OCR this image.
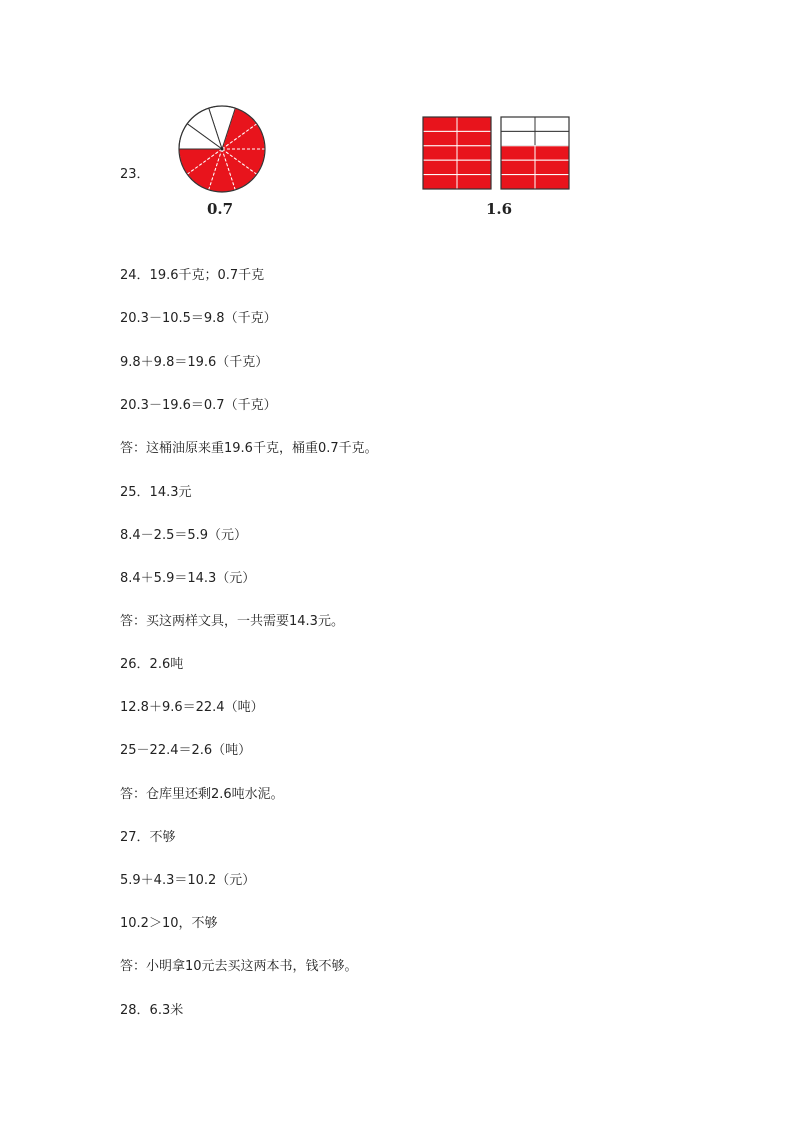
23．
0.7	1.6
24．19.6千克；0.7千克
20.3－10.5＝9.8（千克）
9.8＋9.8＝19.6（千克）
20.3－19.6＝0.7（千克）
答：这桶油原来重19.6千克，桶重0.7千克。
25．14.3元
8.4－2.5＝5.9（元）
8.4＋5.9＝14.3（元）
答：买这两样文具，一共需要14.3元。
26．2.6吨
12.8＋9.6＝22.4（吨）
25－22.4＝2.6（吨）
答：仓库里还剩2.6吨水泥。
27．不够
5.9＋4.3＝10.2（元）
10.2＞10，不够
答：小明拿10元去买这两本书，钱不够。
28．6.3米
